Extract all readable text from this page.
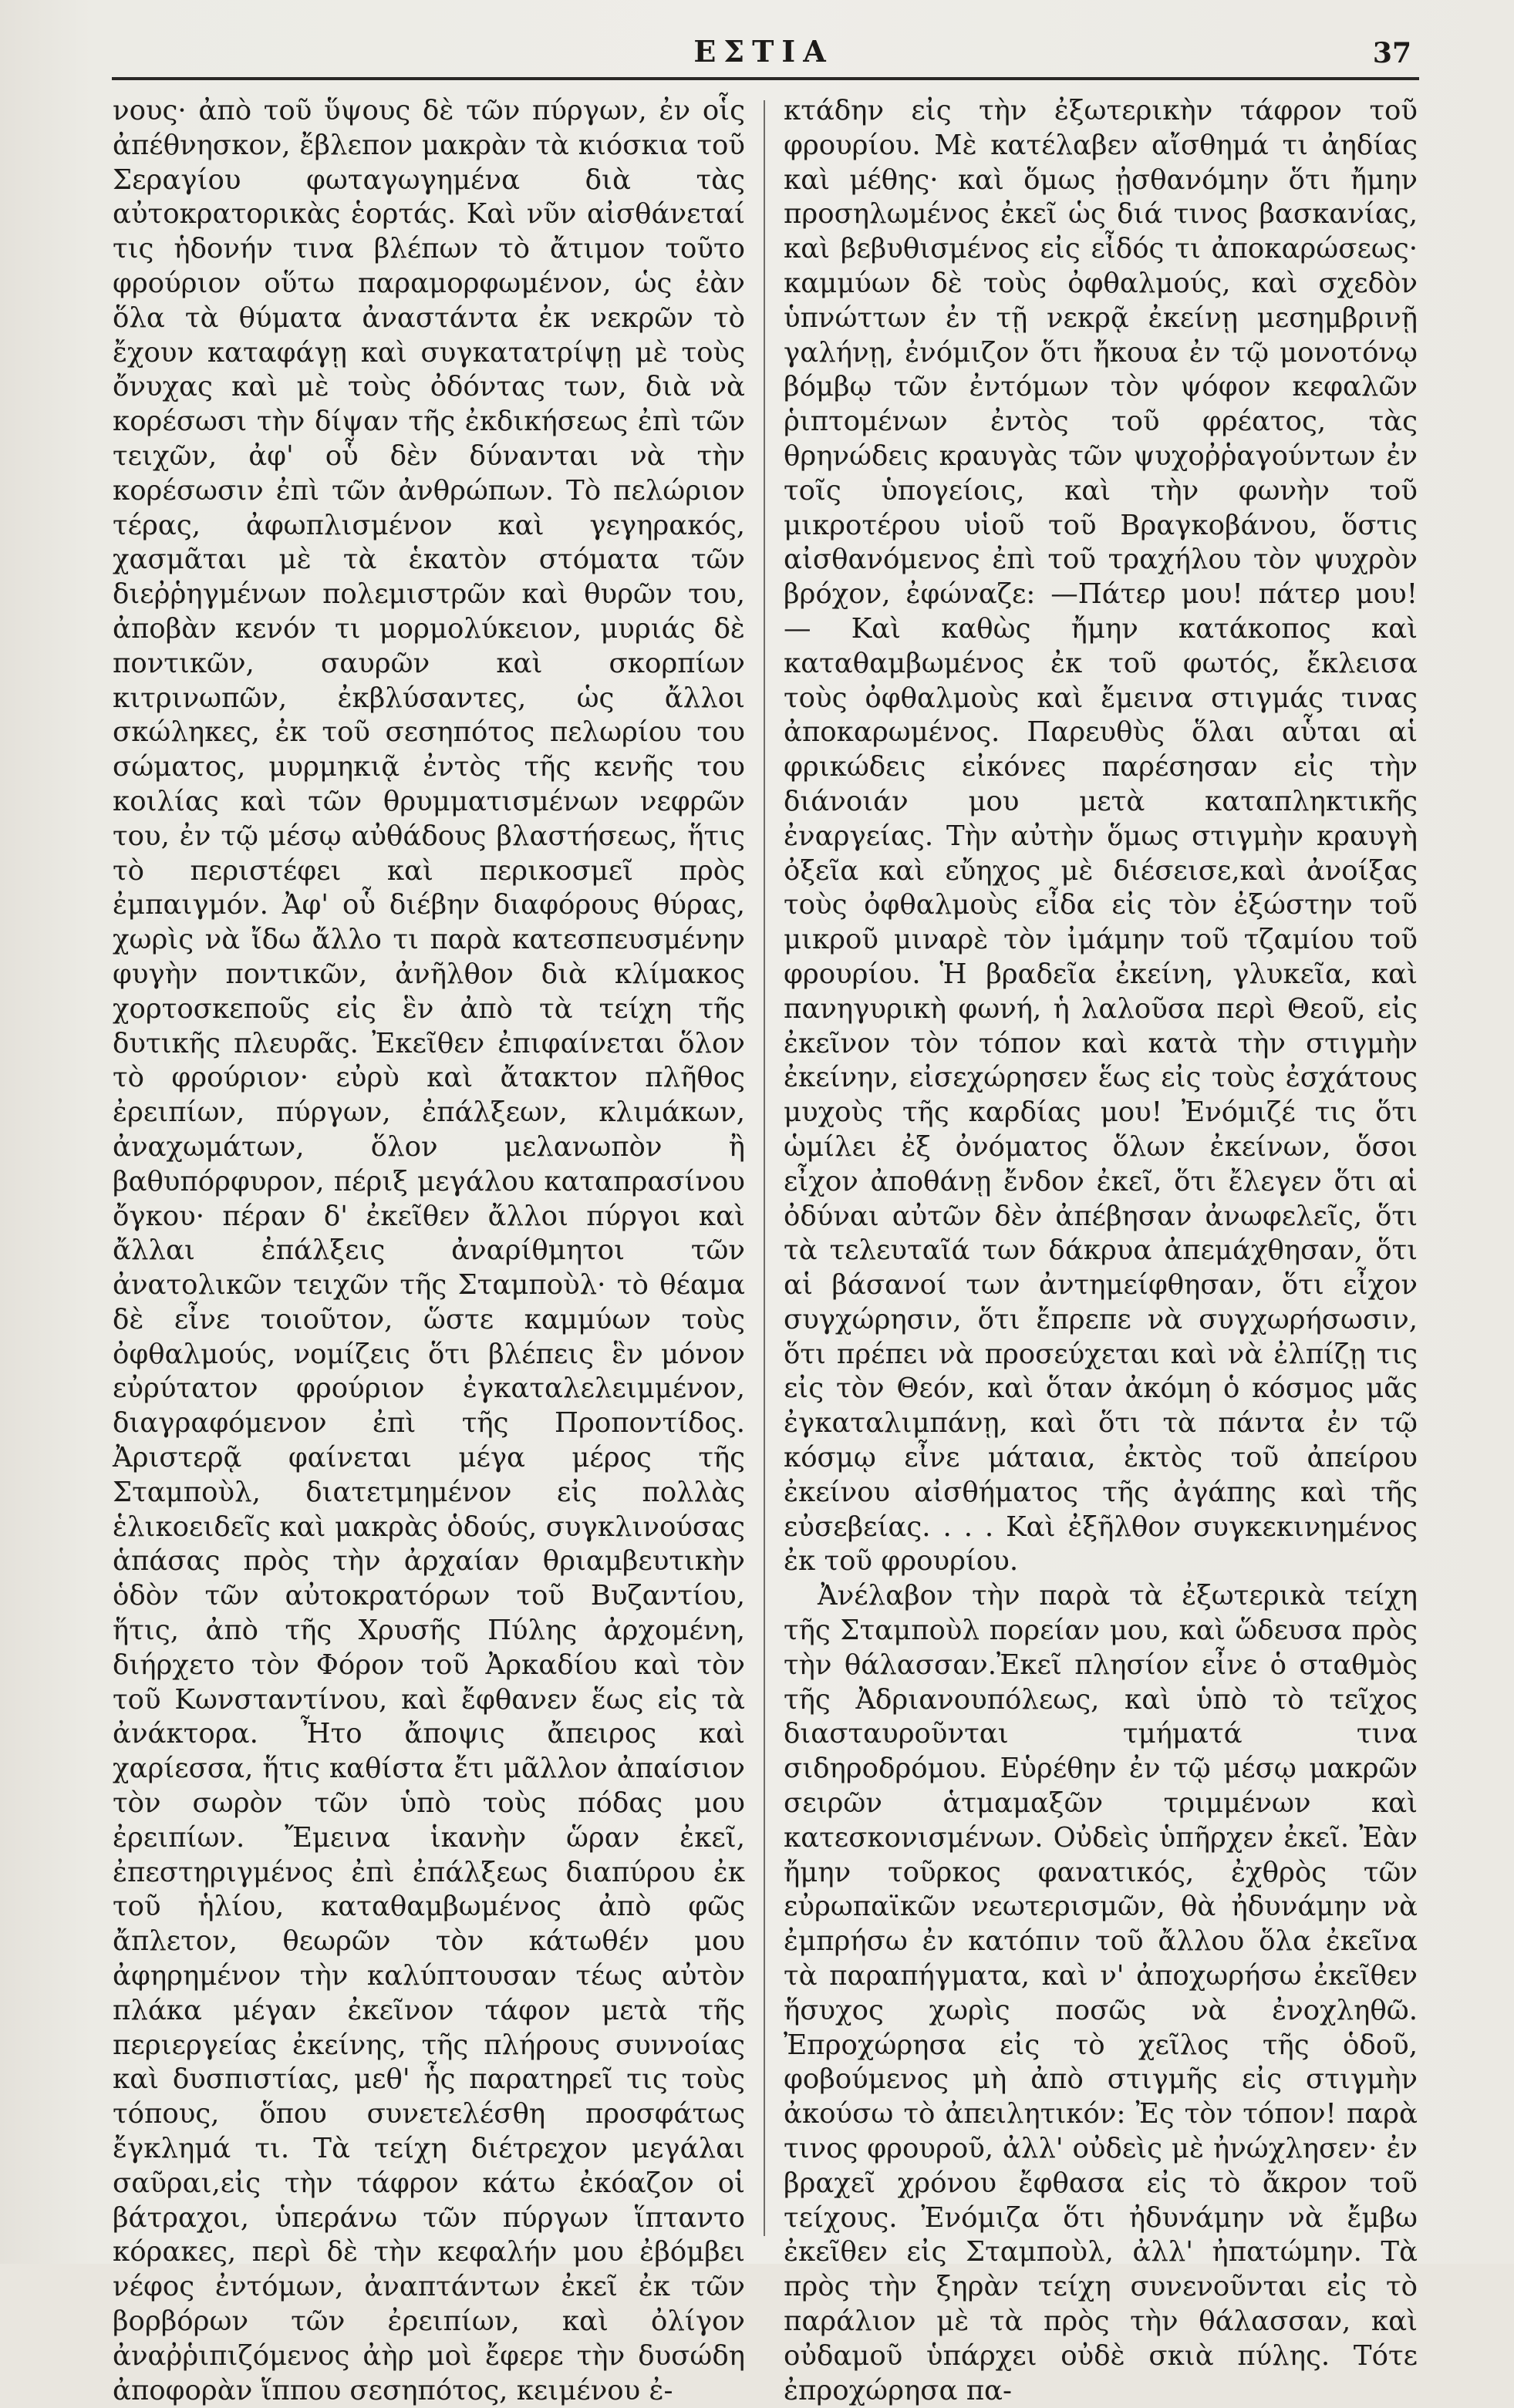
ΕΣΤΙΑ	37

νους· ἀπὸ τοῦ ὕψους δὲ τῶν πύργων, ἐν οἷς ἀπέθνησκον, ἔβλεπον μακρὰν τὰ κιόσκια τοῦ Σεραγίου φωταγωγημένα διὰ τὰς αὐτοκρατορικὰς ἑορτάς. Καὶ νῦν αἰσθάνεταί τις ἡδονήν τινα βλέπων τὸ ἄτιμον τοῦτο φρούριον οὕτω παραμορφωμένον, ὡς ἐὰν ὅλα τὰ θύματα ἀναστάντα ἐκ νεκρῶν τὸ ἔχουν καταφάγῃ καὶ συγκατατρίψῃ μὲ τοὺς ὄνυχας καὶ μὲ τοὺς ὀδόντας των, διὰ νὰ κορέσωσι τὴν δίψαν τῆς ἐκδικήσεως ἐπὶ τῶν τειχῶν, ἀφ' οὗ δὲν δύνανται νὰ τὴν κορέσωσιν ἐπὶ τῶν ἀνθρώπων. Τὸ πελώριον τέρας, ἀφωπλισμένον καὶ γεγηρακός, χασμᾶται μὲ τὰ ἑκατὸν στόματα τῶν διεῤῥηγμένων πολεμιστρῶν καὶ θυρῶν του, ἀποβὰν κενόν τι μορμολύκειον, μυριάς δὲ ποντικῶν, σαυρῶν καὶ σκορπίων κιτρινωπῶν, ἐκβλύσαντες, ὡς ἄλλοι σκώληκες, ἐκ τοῦ σεσηπότος πελωρίου του σώματος, μυρμηκιᾷ ἐντὸς τῆς κενῆς του κοιλίας καὶ τῶν θρυμματισμένων νεφρῶν του, ἐν τῷ μέσῳ αὐθάδους βλαστήσεως, ἥτις τὸ περιστέφει καὶ περικοσμεῖ πρὸς ἐμπαιγμόν. Ἀφ' οὗ διέβην διαφόρους θύρας, χωρὶς νὰ ἴδω ἄλλο τι παρὰ κατεσπευσμένην φυγὴν ποντικῶν, ἀνῆλθον διὰ κλίμακος χορτοσκεποῦς εἰς ἓν ἀπὸ τὰ τείχη τῆς δυτικῆς πλευρᾶς. Ἐκεῖθεν ἐπιφαίνεται ὅλον τὸ φρούριον· εὐρὺ καὶ ἄτακτον πλῆθος ἐρειπίων, πύργων, ἐπάλξεων, κλιμάκων, ἀναχωμάτων, ὅλον μελανωπὸν ἢ βαθυπόρφυρον, πέριξ μεγάλου καταπρασίνου ὄγκου· πέραν δ' ἐκεῖθεν ἄλλοι πύργοι καὶ ἄλλαι ἐπάλξεις ἀναρίθμητοι τῶν ἀνατολικῶν τειχῶν τῆς Σταμποὺλ· τὸ θέαμα δὲ εἶνε τοιοῦτον, ὥστε καμμύων τοὺς ὀφθαλμούς, νομίζεις ὅτι βλέπεις ἓν μόνον εὐρύτατον φρούριον ἐγκαταλελειμμένον, διαγραφόμενον ἐπὶ τῆς Προποντίδος. Ἀριστερᾷ φαίνεται μέγα μέρος τῆς Σταμποὺλ, διατετμημένον εἰς πολλὰς ἑλικοειδεῖς καὶ μακρὰς ὁδούς, συγκλινούσας ἁπάσας πρὸς τὴν ἀρχαίαν θριαμβευτικὴν ὁδὸν τῶν αὐτοκρατόρων τοῦ Βυζαντίου, ἥτις, ἀπὸ τῆς Χρυσῆς Πύλης ἀρχομένη, διήρχετο τὸν Φόρον τοῦ Ἀρκαδίου καὶ τὸν τοῦ Κωνσταντίνου, καὶ ἔφθανεν ἕως εἰς τὰ ἀνάκτορα. Ἦτο ἄποψις ἄπειρος καὶ χαρίεσσα, ἥτις καθίστα ἔτι μᾶλλον ἀπαίσιον τὸν σωρὸν τῶν ὑπὸ τοὺς πόδας μου ἐρειπίων. Ἔμεινα ἱκανὴν ὥραν ἐκεῖ, ἐπεστηριγμένος ἐπὶ ἐπάλξεως διαπύρου ἐκ τοῦ ἡλίου, καταθαμβωμένος ἀπὸ φῶς ἄπλετον, θεωρῶν τὸν κάτωθέν μου ἀφηρημένον τὴν καλύπτουσαν τέως αὐτὸν πλάκα μέγαν ἐκεῖνον τάφον μετὰ τῆς περιεργείας ἐκείνης, τῆς πλήρους συννοίας καὶ δυσπιστίας, μεθ' ἧς παρατηρεῖ τις τοὺς τόπους, ὅπου συνετελέσθη προσφάτως ἔγκλημά τι. Τὰ τείχη διέτρεχον μεγάλαι σαῦραι,εἰς τὴν τάφρον κάτω ἐκόαζον οἱ βάτραχοι, ὑπεράνω τῶν πύργων ἵπταντο κόρακες, περὶ δὲ τὴν κεφαλήν μου ἐβόμβει νέφος ἐντόμων, ἀναπτάντων ἐκεῖ ἐκ τῶν βορβόρων τῶν ἐρειπίων, καὶ ὀλίγον ἀναῤῥιπιζόμενος ἀὴρ μοὶ ἔφερε τὴν δυσώδη ἀποφορὰν ἵππου σεσηπότος, κειμένου ἐ-

κτάδην εἰς τὴν ἐξωτερικὴν τάφρον τοῦ φρουρίου. Μὲ κατέλαβεν αἴσθημά τι ἀηδίας καὶ μέθης· καὶ ὅμως ᾐσθανόμην ὅτι ἤμην προσηλωμένος ἐκεῖ ὡς διά τινος βασκανίας, καὶ βεβυθισμένος εἰς εἶδός τι ἀποκαρώσεως· καμμύων δὲ τοὺς ὀφθαλμούς, καὶ σχεδὸν ὑπνώττων ἐν τῇ νεκρᾷ ἐκείνῃ μεσημβρινῇ γαλήνῃ, ἐνόμιζον ὅτι ἤκουα ἐν τῷ μονοτόνῳ βόμβῳ τῶν ἐντόμων τὸν ψόφον κεφαλῶν ῥιπτομένων ἐντὸς τοῦ φρέατος, τὰς θρηνώδεις κραυγὰς τῶν ψυχοῤῥαγούντων ἐν τοῖς ὑπογείοις, καὶ τὴν φωνὴν τοῦ μικροτέρου υἱοῦ τοῦ Βραγκοβάνου, ὅστις αἰσθανόμενος ἐπὶ τοῦ τραχήλου τὸν ψυχρὸν βρόχον, ἐφώναζε: —Πάτερ μου! πάτερ μου! — Καὶ καθὼς ἤμην κατάκοπος καὶ καταθαμβωμένος ἐκ τοῦ φωτός, ἔκλεισα τοὺς ὀφθαλμοὺς καὶ ἔμεινα στιγμάς τινας ἀποκαρωμένος. Παρευθὺς ὅλαι αὗται αἱ φρικώδεις εἰκόνες παρέσησαν εἰς τὴν διάνοιάν μου μετὰ καταπληκτικῆς ἐναργείας. Τὴν αὐτὴν ὅμως στιγμὴν κραυγὴ ὀξεῖα καὶ εὔηχος μὲ διέσεισε,καὶ ἀνοίξας τοὺς ὀφθαλμοὺς εἶδα εἰς τὸν ἐξώστην τοῦ μικροῦ μιναρὲ τὸν ἰμάμην τοῦ τζαμίου τοῦ φρουρίου. Ἡ βραδεῖα ἐκείνη, γλυκεῖα, καὶ πανηγυρικὴ φωνή, ἡ λαλοῦσα περὶ Θεοῦ, εἰς ἐκεῖνον τὸν τόπον καὶ κατὰ τὴν στιγμὴν ἐκείνην, εἰσεχώρησεν ἕως εἰς τοὺς ἐσχάτους μυχοὺς τῆς καρδίας μου! Ἐνόμιζέ τις ὅτι ὡμίλει ἐξ ὀνόματος ὅλων ἐκείνων, ὅσοι εἶχον ἀποθάνῃ ἔνδον ἐκεῖ, ὅτι ἔλεγεν ὅτι αἱ ὀδύναι αὐτῶν δὲν ἀπέβησαν ἀνωφελεῖς, ὅτι τὰ τελευταῖά των δάκρυα ἀπεμάχθησαν, ὅτι αἱ βάσανοί των ἀντημείφθησαν, ὅτι εἶχον συγχώρησιν, ὅτι ἔπρεπε νὰ συγχωρήσωσιν, ὅτι πρέπει νὰ προσεύχεται καὶ νὰ ἐλπίζῃ τις εἰς τὸν Θεόν, καὶ ὅταν ἀκόμη ὁ κόσμος μᾶς ἐγκαταλιμπάνῃ, καὶ ὅτι τὰ πάντα ἐν τῷ κόσμῳ εἶνε μάταια, ἐκτὸς τοῦ ἀπείρου ἐκείνου αἰσθήματος τῆς ἀγάπης καὶ τῆς εὐσεβείας. . . . Καὶ ἐξῆλθον συγκεκινημένος ἐκ τοῦ φρουρίου.

Ἀνέλαβον τὴν παρὰ τὰ ἐξωτερικὰ τείχη τῆς Σταμποὺλ πορείαν μου, καὶ ὥδευσα πρὸς τὴν θάλασσαν.Ἐκεῖ πλησίον εἶνε ὁ σταθμὸς τῆς Ἀδριανουπόλεως, καὶ ὑπὸ τὸ τεῖχος διασταυροῦνται τμήματά τινα σιδηροδρόμου. Εὑρέθην ἐν τῷ μέσῳ μακρῶν σειρῶν ἁτμαμαξῶν τριμμένων καὶ κατεσκονισμένων. Οὐδεὶς ὑπῆρχεν ἐκεῖ. Ἐὰν ἤμην τοῦρκος φανατικός, ἐχθρὸς τῶν εὐρωπαϊκῶν νεωτερισμῶν, θὰ ἠδυνάμην νὰ ἐμπρήσω ἐν κατόπιν τοῦ ἄλλου ὅλα ἐκεῖνα τὰ παραπήγματα, καὶ ν' ἀποχωρήσω ἐκεῖθεν ἥσυχος χωρὶς ποσῶς νὰ ἐνοχληθῶ. Ἐπροχώρησα εἰς τὸ χεῖλος τῆς ὁδοῦ, φοβούμενος μὴ ἀπὸ στιγμῆς εἰς στιγμὴν ἀκούσω τὸ ἀπειλητικόν: Ἐς τὸν τόπον! παρὰ τινος φρουροῦ, ἀλλ' οὐδεὶς μὲ ἠνώχλησεν· ἐν βραχεῖ χρόνου ἔφθασα εἰς τὸ ἄκρον τοῦ τείχους. Ἐνόμιζα ὅτι ἠδυνάμην νὰ ἔμβω ἐκεῖθεν εἰς Σταμποὺλ, ἀλλ' ἠπατώμην. Τὰ πρὸς τὴν ξηρὰν τείχη συνενοῦνται εἰς τὸ παράλιον μὲ τὰ πρὸς τὴν θάλασσαν, καὶ οὐδαμοῦ ὑπάρχει οὐδὲ σκιὰ πύλης. Τότε ἐπροχώρησα πα-
